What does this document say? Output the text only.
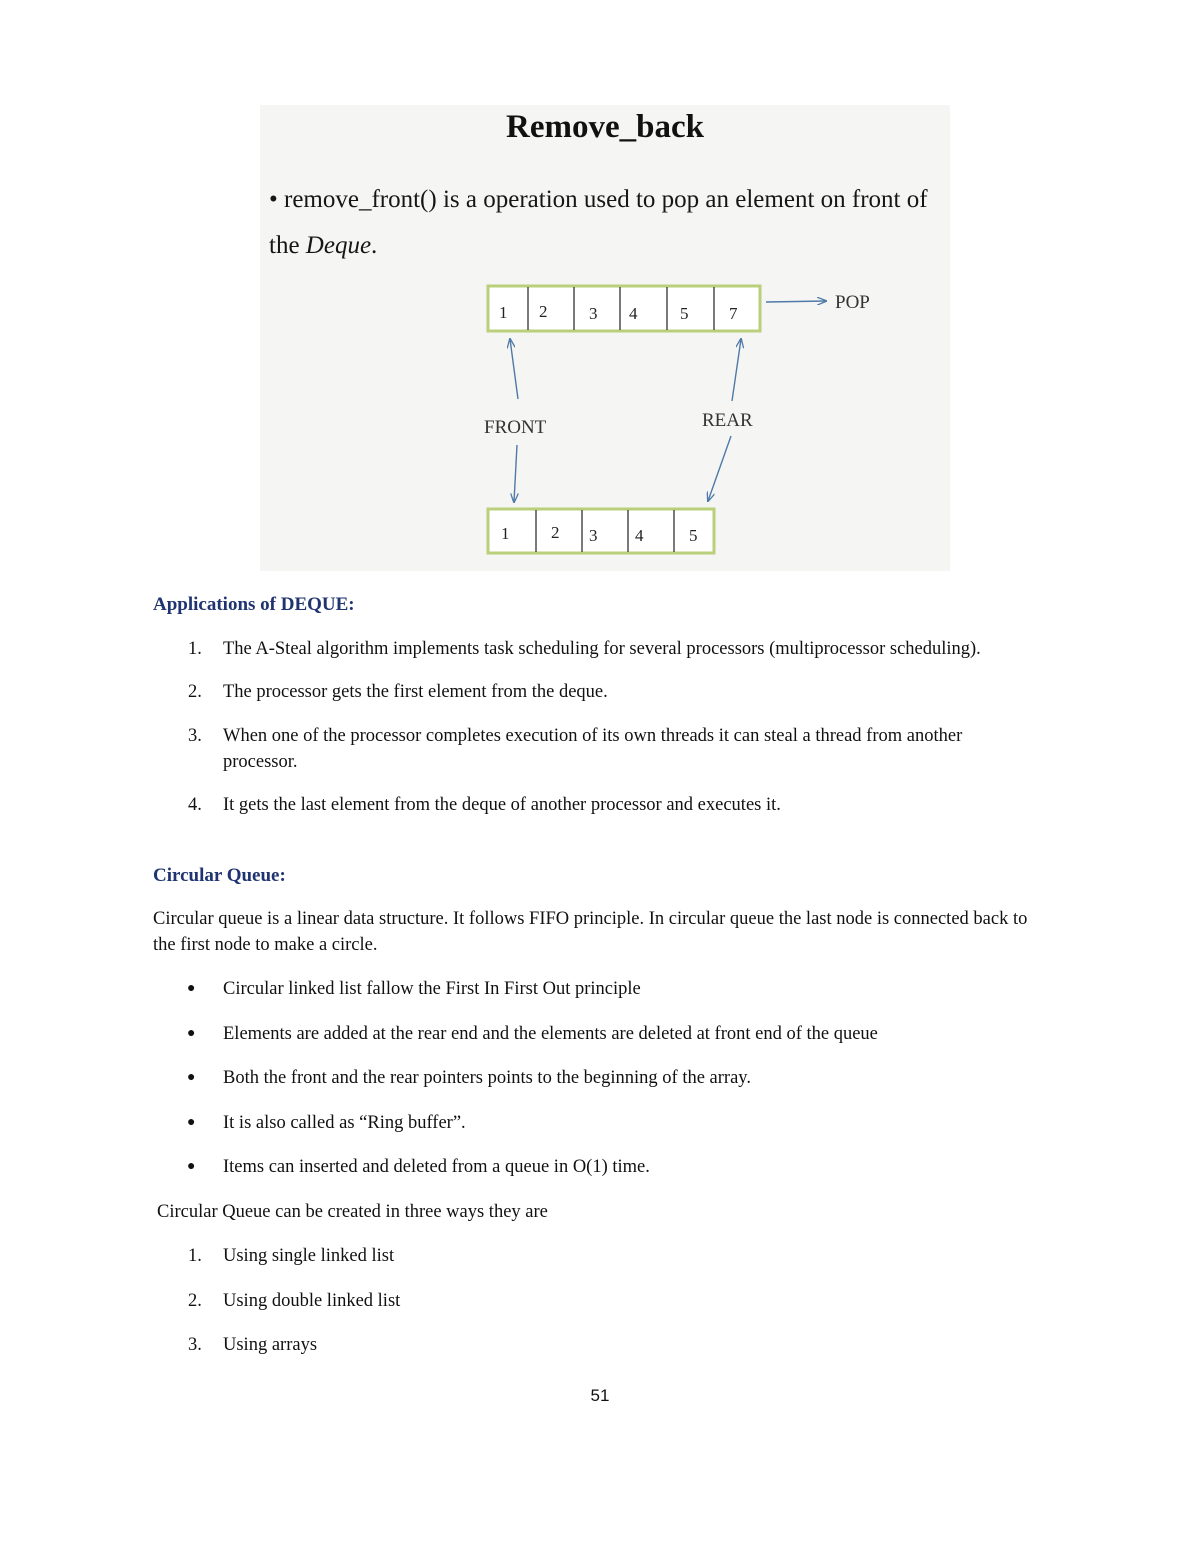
Remove_back
• remove_front() is a operation used to pop an element on front of the Deque.
1 2 3 4	5 7
1 2 3 4	5
POP
FRONT	REAR
Applications of DEQUE:
1. The A-Steal algorithm implements task scheduling for several processors (multiprocessor scheduling).
2. The processor gets the first element from the deque.
3. When one of the processor completes execution of its own threads it can steal a thread from another processor.
4. It gets the last element from the deque of another processor and executes it.
Circular Queue:
Circular queue is a linear data structure. It follows FIFO principle. In circular queue the last node is connected back to the first node to make a circle.
● Circular linked list fallow the First In First Out principle
● Elements are added at the rear end and the elements are deleted at front end of the queue
● Both the front and the rear pointers points to the beginning of the array.
● It is also called as “Ring buffer”.
● Items can inserted and deleted from a queue in O(1) time.
Circular Queue can be created in three ways they are
1. Using single linked list
2. Using double linked list
3. Using arrays
51
